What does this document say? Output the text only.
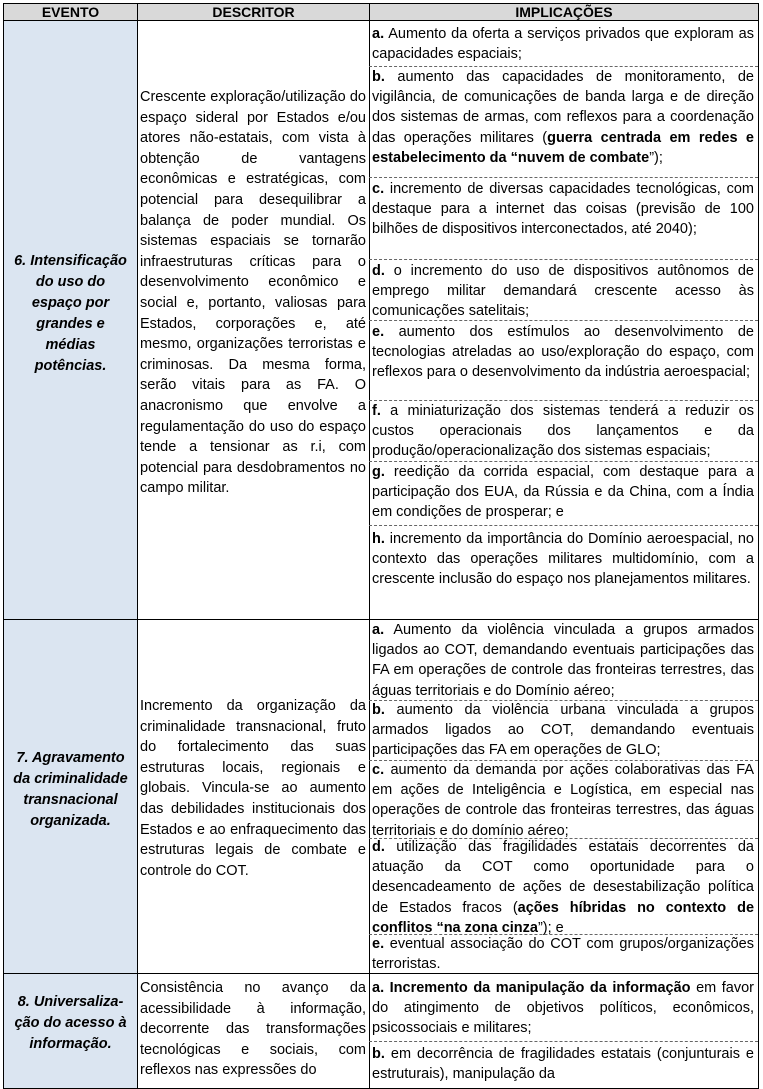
EVENTO	DESCRITOR	IMPLICAÇÕES
6. Intensificação
do uso do
espaço por
grandes e
médias
potências.

Crescente exploração/utilização do espaço sideral por Estados e/ou atores não-estatais, com vista à obtenção de vantagens econômicas e estratégicas, com potencial para desequilibrar a balança de poder mundial. Os sistemas espaciais se tornarão infraestruturas críticas para o desenvolvimento econômico e social e, portanto, valiosas para Estados, corporações e, até mesmo, organizações terroristas e criminosas. Da mesma forma, serão vitais para as FA. O anacronismo que envolve a regulamentação do uso do espaço tende a tensionar as r.i, com potencial para desdobramentos no campo militar.

a. Aumento da oferta a serviços privados que exploram as capacidades espaciais;
b. aumento das capacidades de monitoramento, de vigilância, de comunicações de banda larga e de direção dos sistemas de armas, com reflexos para a coordenação das operações militares (guerra centrada em redes e estabelecimento da “nuvem de combate”);
c. incremento de diversas capacidades tecnológicas, com destaque para a internet das coisas (previsão de 100 bilhões de dispositivos interconectados, até 2040);
d. o incremento do uso de dispositivos autônomos de emprego militar demandará crescente acesso às comunicações satelitais;
e. aumento dos estímulos ao desenvolvimento de tecnologias atreladas ao uso/exploração do espaço, com reflexos para o desenvolvimento da indústria aeroespacial;
f. a miniaturização dos sistemas tenderá a reduzir os custos operacionais dos lançamentos e da produção/operacionalização dos sistemas espaciais;
g. reedição da corrida espacial, com destaque para a participação dos EUA, da Rússia e da China, com a Índia em condições de prosperar; e
h. incremento da importância do Domínio aeroespacial, no contexto das operações militares multidomínio, com a crescente inclusão do espaço nos planejamentos militares.
7. Agravamento
da criminalidade
transnacional
organizada.

Incremento da organização da criminalidade transnacional, fruto do fortalecimento das suas estruturas locais, regionais e globais. Vincula-se ao aumento das debilidades institucionais dos Estados e ao enfraquecimento das estruturas legais de combate e controle do COT.

a. Aumento da violência vinculada a grupos armados ligados ao COT, demandando eventuais participações das FA em operações de controle das fronteiras terrestres, das águas territoriais e do Domínio aéreo;
b. aumento da violência urbana vinculada a grupos armados ligados ao COT, demandando eventuais participações das FA em operações de GLO;
c. aumento da demanda por ações colaborativas das FA em ações de Inteligência e Logística, em especial nas operações de controle das fronteiras terrestres, das águas territoriais e do domínio aéreo;
d. utilização das fragilidades estatais decorrentes da atuação da COT como oportunidade para o desencadeamento de ações de desestabilização política de Estados fracos (ações híbridas no contexto de conflitos “na zona cinza”); e
e. eventual associação do COT com grupos/organizações terroristas.
8. Universaliza-
ção do acesso à
informação.

Consistência no avanço da acessibilidade à informação, decorrente das transformações tecnológicas e sociais, com reflexos nas expressões do

a. Incremento da manipulação da informação em favor do atingimento de objetivos políticos, econômicos, psicossociais e militares;
b. em decorrência de fragilidades estatais (conjunturais e estruturais), manipulação da
